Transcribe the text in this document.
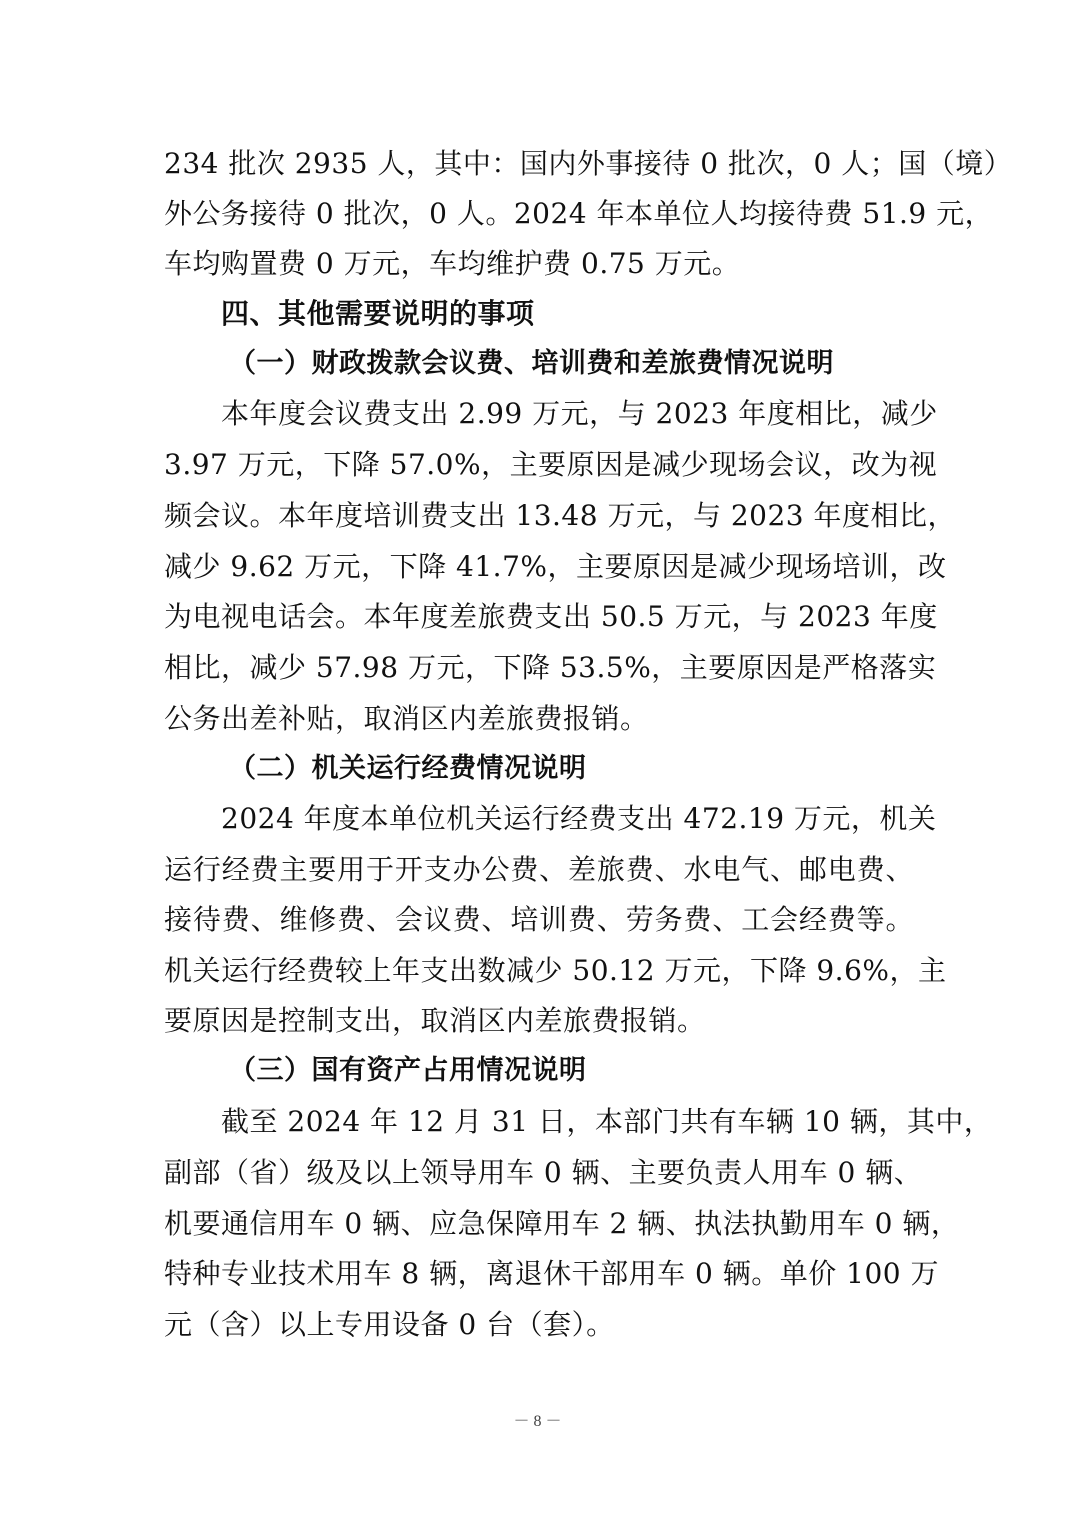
234 批次 2935 人，其中：国内外事接待 0 批次，0 人；国（境）
外公务接待 0 批次，0 人。2024 年本单位人均接待费 51.9 元，
车均购置费 0 万元，车均维护费 0.75 万元。
四、其他需要说明的事项
（一）财政拨款会议费、培训费和差旅费情况说明
本年度会议费支出 2.99 万元，与 2023 年度相比，减少
3.97 万元，下降 57.0%，主要原因是减少现场会议，改为视
频会议。本年度培训费支出 13.48 万元，与 2023 年度相比，
减少 9.62 万元，下降 41.7%，主要原因是减少现场培训，改
为电视电话会。本年度差旅费支出 50.5 万元，与 2023 年度
相比，减少 57.98 万元，下降 53.5%，主要原因是严格落实
公务出差补贴，取消区内差旅费报销。
（二）机关运行经费情况说明
2024 年度本单位机关运行经费支出 472.19 万元，机关
运行经费主要用于开支办公费、差旅费、水电气、邮电费、
接待费、维修费、会议费、培训费、劳务费、工会经费等。
机关运行经费较上年支出数减少 50.12 万元，下降 9.6%，主
要原因是控制支出，取消区内差旅费报销。
（三）国有资产占用情况说明
截至 2024 年 12 月 31 日，本部门共有车辆 10 辆，其中，
副部（省）级及以上领导用车 0 辆、主要负责人用车 0 辆、
机要通信用车 0 辆、应急保障用车 2 辆、执法执勤用车 0 辆，
特种专业技术用车 8 辆，离退休干部用车 0 辆。单价 100 万
元（含）以上专用设备 0 台（套）。
－ 8 －
